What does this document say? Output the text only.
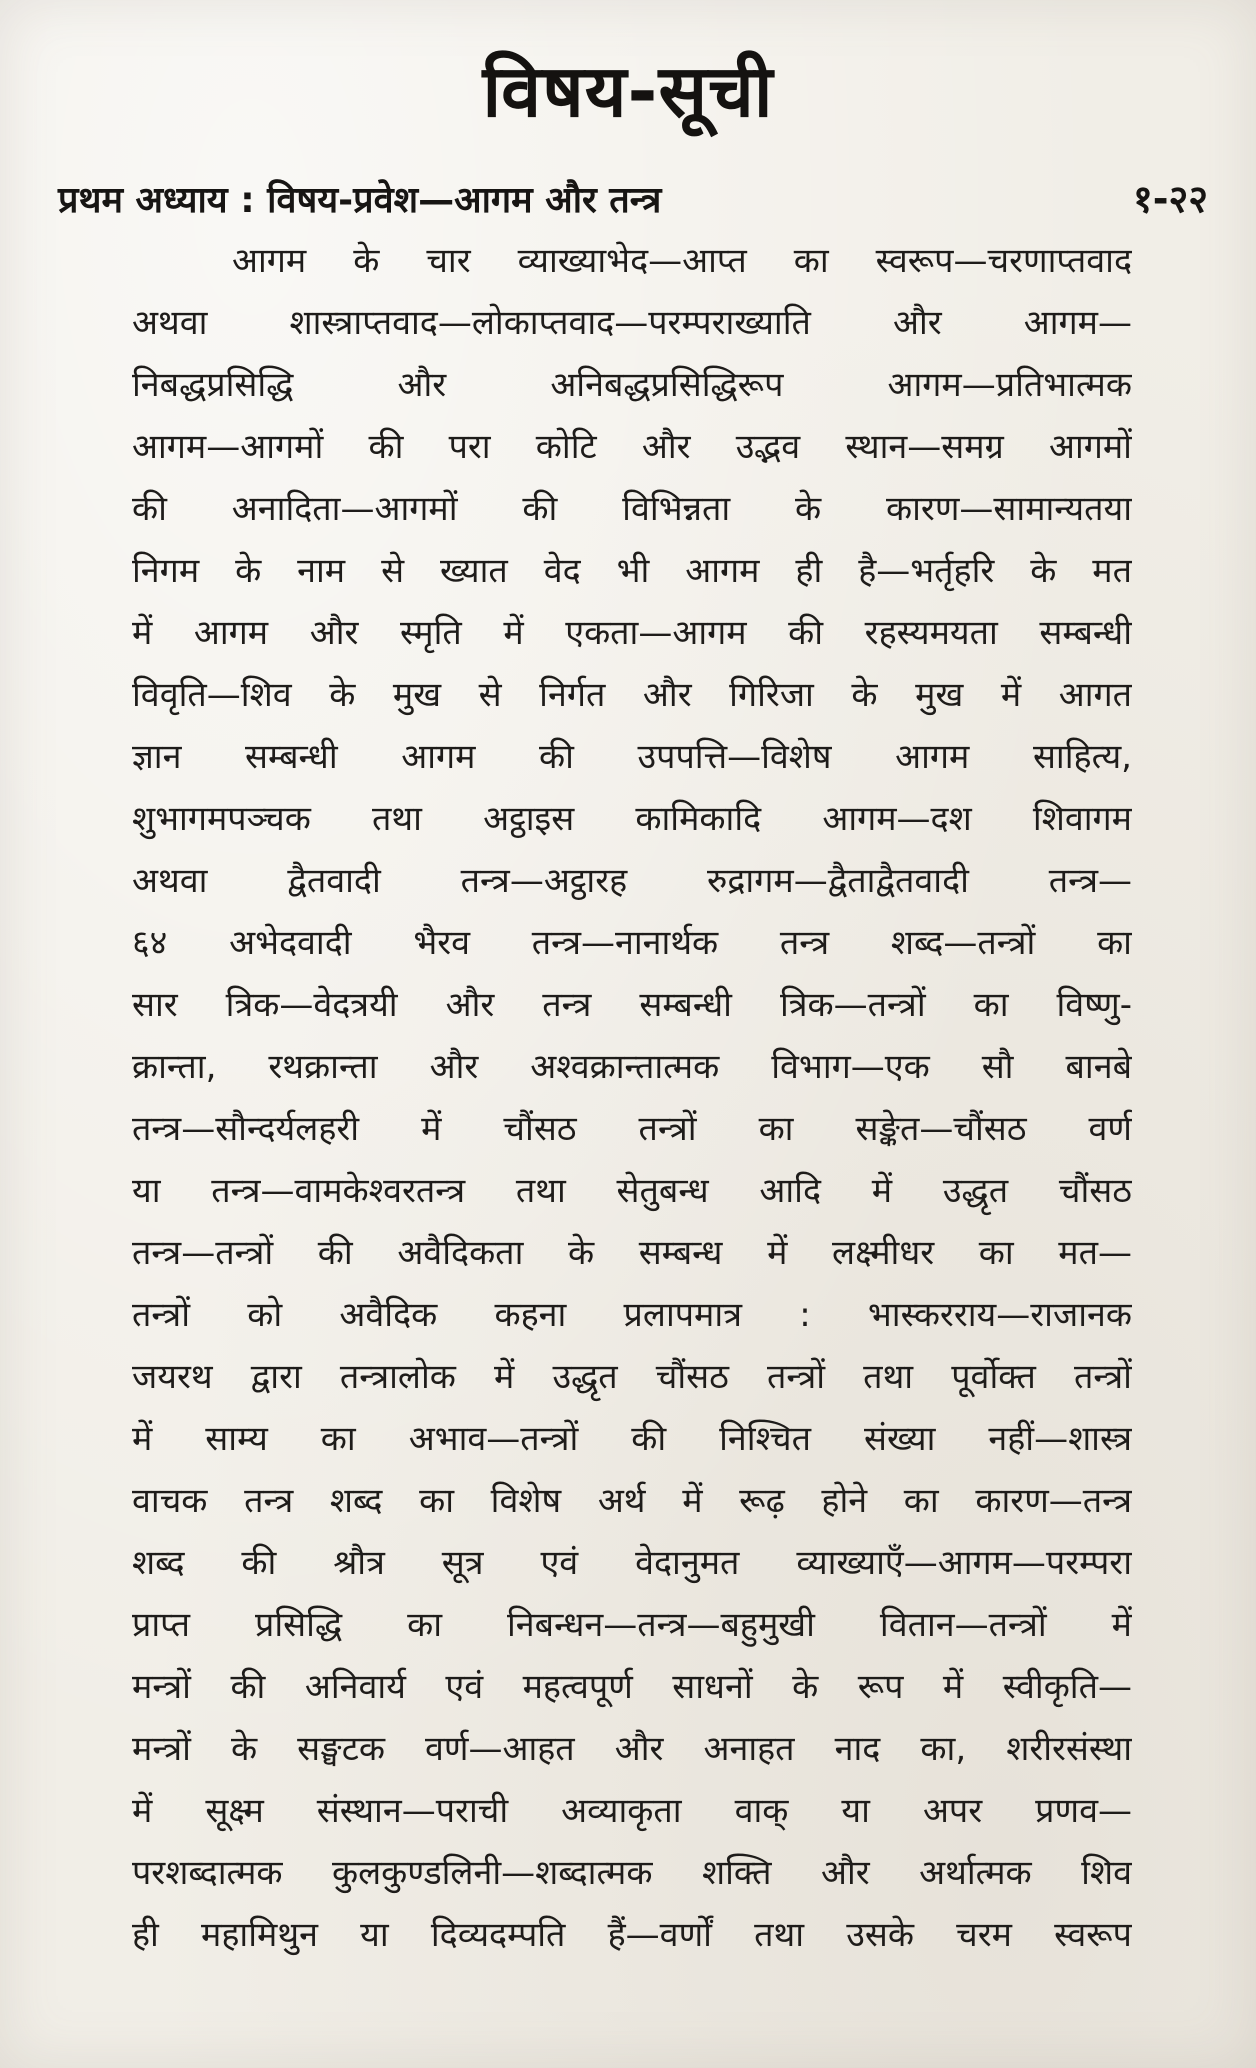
विषय-सूची
प्रथम अध्याय : विषय-प्रवेश—आगम और तन्त्र	१-२२
आगम के चार व्याख्याभेद—आप्त का स्वरूप—चरणाप्तवाद
अथवा शास्त्राप्तवाद—लोकाप्तवाद—परम्पराख्याति और आगम—
निबद्धप्रसिद्धि और अनिबद्धप्रसिद्धिरूप आगम—प्रतिभात्मक
आगम—आगमों की परा कोटि और उद्भव स्थान—समग्र आगमों
की अनादिता—आगमों की विभिन्नता के कारण—सामान्यतया
निगम के नाम से ख्यात वेद भी आगम ही है—भर्तृहरि के मत
में आगम और स्मृति में एकता—आगम की रहस्यमयता सम्बन्धी
विवृति—शिव के मुख से निर्गत और गिरिजा के मुख में आगत
ज्ञान सम्बन्धी आगम की उपपत्ति—विशेष आगम साहित्य,
शुभागमपञ्चक तथा अट्ठाइस कामिकादि आगम—दश शिवागम
अथवा द्वैतवादी तन्त्र—अट्ठारह रुद्रागम—द्वैताद्वैतवादी तन्त्र—
६४ अभेदवादी भैरव तन्त्र—नानार्थक तन्त्र शब्द—तन्त्रों का
सार त्रिक—वेदत्रयी और तन्त्र सम्बन्धी त्रिक—तन्त्रों का विष्णु-
क्रान्ता, रथक्रान्ता और अश्वक्रान्तात्मक विभाग—एक सौ बानबे
तन्त्र—सौन्दर्यलहरी में चौंसठ तन्त्रों का सङ्केत—चौंसठ वर्ण
या तन्त्र—वामकेश्वरतन्त्र तथा सेतुबन्ध आदि में उद्धृत चौंसठ
तन्त्र—तन्त्रों की अवैदिकता के सम्बन्ध में लक्ष्मीधर का मत—
तन्त्रों को अवैदिक कहना प्रलापमात्र : भास्करराय—राजानक
जयरथ द्वारा तन्त्रालोक में उद्धृत चौंसठ तन्त्रों तथा पूर्वोक्त तन्त्रों
में साम्य का अभाव—तन्त्रों की निश्चित संख्या नहीं—शास्त्र
वाचक तन्त्र शब्द का विशेष अर्थ में रूढ़ होने का कारण—तन्त्र
शब्द की श्रौत्र सूत्र एवं वेदानुमत व्याख्याएँ—आगम—परम्परा
प्राप्त प्रसिद्धि का निबन्धन—तन्त्र—बहुमुखी वितान—तन्त्रों में
मन्त्रों की अनिवार्य एवं महत्वपूर्ण साधनों के रूप में स्वीकृति—
मन्त्रों के सङ्घटक वर्ण—आहत और अनाहत नाद का, शरीरसंस्था
में सूक्ष्म संस्थान—पराची अव्याकृता वाक् या अपर प्रणव—
परशब्दात्मक कुलकुण्डलिनी—शब्दात्मक शक्ति और अर्थात्मक शिव
ही महामिथुन या दिव्यदम्पति हैं—वर्णों तथा उसके चरम स्वरूप
